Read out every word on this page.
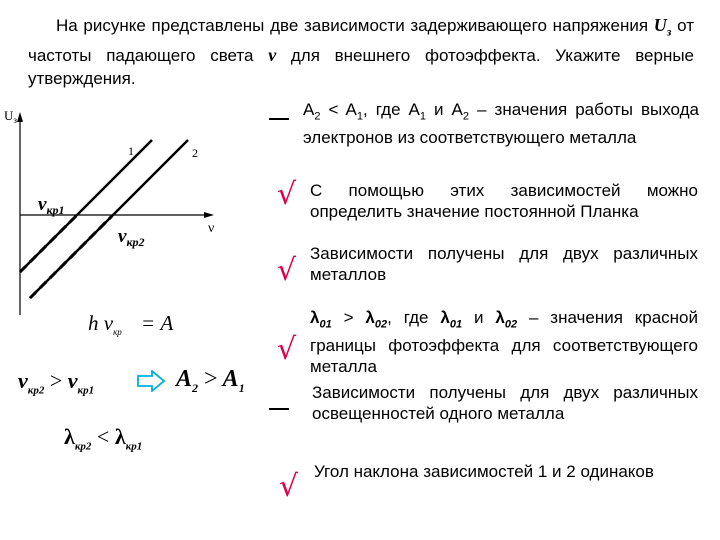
На рисунке представлены две зависимости задерживающего напряжения $U_з$ от частоты падающего света ν для внешнего фотоэффекта. Укажите верные утверждения.
$U_з$
ν
1	2
$\nu_{кр1}$
$\nu_{кр2}$
h $\nu_{кр} = A$
$\nu_{кр2} > \nu_{кр1}$	$A_2 > A_1$
$\lambda_{кр2} < \lambda_{кр1}$
$A_2 < A_1$, где $A_1$ и $A_2$ – значения работы выхода электронов из соответствующего металла
√ С помощью этих зависимостей можно определить значение постоянной Планка
√ Зависимости получены для двух различных металлов
√
$\lambda_{01} > \lambda_{02}$, где $\lambda_{01}$ и $\lambda_{02}$ – значения красной границы фотоэффекта для соответствующего металла
Зависимости получены для двух различных освещенностей одного металла
√ Угол наклона зависимостей 1 и 2 одинаков
